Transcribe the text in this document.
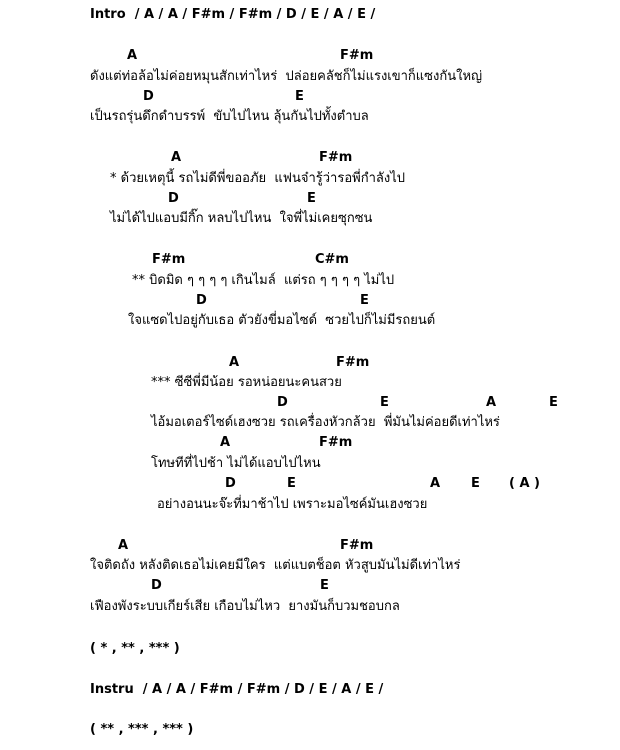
Intro  / A / A / F#m / F#m / D / E / A / E /
A	F#m
ดังแต่ท่อล้อไม่ค่อยหมุนสักเท่าไหร่  ปล่อยคลัชก็ไม่แรงเขาก็แซงกันใหญ่
D	E
เป็นรถรุ่นดึกดำบรรพ์  ขับไปไหน ลุ้นกันไปทั้งตำบล
A	F#m
* ด้วยเหตุนี้ รถไม่ดีพี่ขออภัย  แฟนจ๋ารู้ว่ารอพี่กำลังไป
D	E
ไม่ได้ไปแอบมีกิ๊ก หลบไปไหน  ใจพี่ไม่เคยซุกซน
F#m	C#m
** บิดมิด ๆ ๆ ๆ ๆ เกินไมล์  แต่รถ ๆ ๆ ๆ ๆ ไม่ไป
D	E
ใจแซดไปอยู่กับเธอ ตัวยังขี่มอไซด์  ซวยไปก็ไม่มีรถยนต์
A	F#m
*** ซีซีพี่มีน้อย รอหน่อยนะคนสวย
D	E	A	E
ไอ้มอเตอร์ไซด์เฮงซวย รถเครื่องหัวกล้วย  พี่มันไม่ค่อยดีเท่าไหร่
A	F#m
โทษทีที่ไปช้า ไม่ได้แอบไปไหน
D	E	A E ( A )
อย่างอนนะจ๊ะที่มาช้าไป เพราะมอไซค์มันเฮงซวย
A	F#m
ใจติดถัง หลังติดเธอไม่เคยมีใคร  แต่แบตช็อต หัวสูบมันไม่ดีเท่าไหร่
D	E
เฟืองพังระบบเกียร์เสีย เกือบไม่ไหว  ยางมันก็บวมชอบกล
( * , ** , *** )
Instru  / A / A / F#m / F#m / D / E / A / E /
( ** , *** , *** )
